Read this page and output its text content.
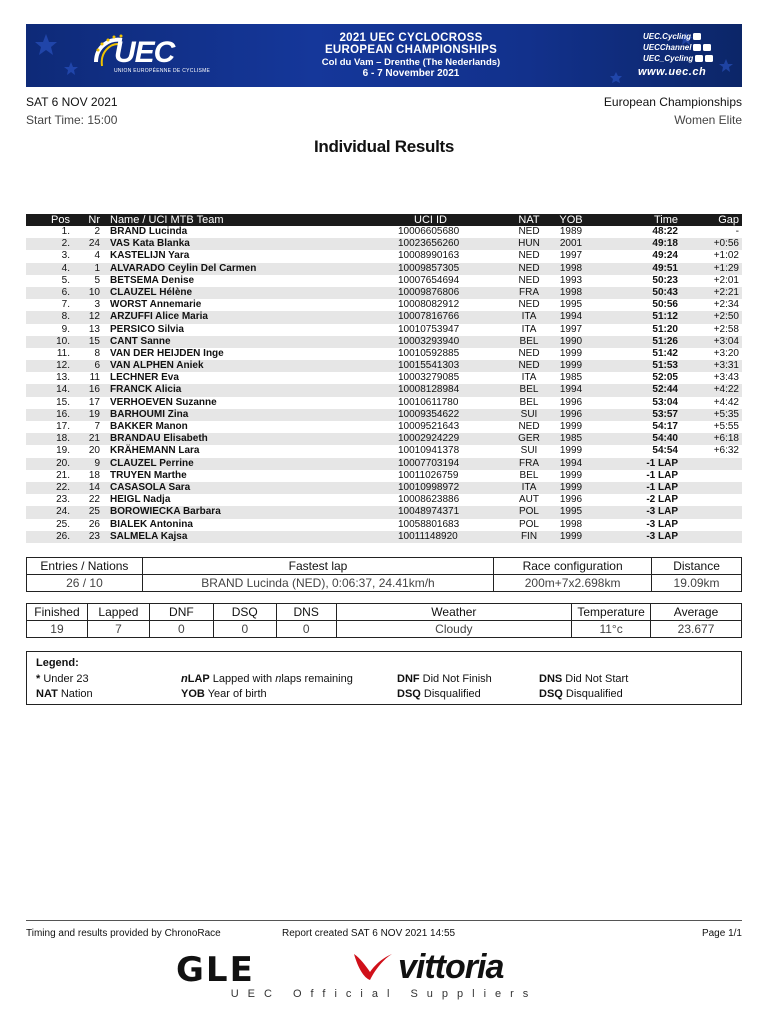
UEC
UNION EUROPÉENNE DE CYCLISME
2021 UEC CYCLOCROSS
EUROPEAN CHAMPIONSHIPS
Col du Vam – Drenthe (The Nederlands)
6 - 7 November 2021
UEC.Cycling
UECChannel
UEC_Cycling
www.uec.ch
SAT 6 NOV 2021
Start Time: 15:00
European Championships
Women Elite
Individual Results
Pos	Nr Name / UCI MTB Team	UCI ID	NAT	YOB	Time	Gap
1.	2 BRAND Lucinda	10006605680	NED	1989	48:22	-
2.	24 VAS Kata Blanka	10023656260	HUN	2001	49:18	+0:56
3.	4 KASTELIJN Yara	10008990163	NED	1997	49:24	+1:02
4.	1 ALVARADO Ceylin Del Carmen	10009857305	NED	1998	49:51	+1:29
5.	5 BETSEMA Denise	10007654694	NED	1993	50:23	+2:01
6.	10 CLAUZEL Hélène	10009876806	FRA	1998	50:43	+2:21
7.	3 WORST Annemarie	10008082912	NED	1995	50:56	+2:34
8.	12 ARZUFFI Alice Maria	10007816766	ITA	1994	51:12	+2:50
9.	13 PERSICO Silvia	10010753947	ITA	1997	51:20	+2:58
10.	15 CANT Sanne	10003293940	BEL	1990	51:26	+3:04
11.	8 VAN DER HEIJDEN Inge	10010592885	NED	1999	51:42	+3:20
12.	6 VAN ALPHEN Aniek	10015541303	NED	1999	51:53	+3:31
13.	11 LECHNER Eva	10003279085	ITA	1985	52:05	+3:43
14.	16 FRANCK Alicia	10008128984	BEL	1994	52:44	+4:22
15.	17 VERHOEVEN Suzanne	10010611780	BEL	1996	53:04	+4:42
16.	19 BARHOUMI Zina	10009354622	SUI	1996	53:57	+5:35
17.	7 BAKKER Manon	10009521643	NED	1999	54:17	+5:55
18.	21 BRANDAU Elisabeth	10002924229	GER	1985	54:40	+6:18
19.	20 KRÄHEMANN Lara	10010941378	SUI	1999	54:54	+6:32
20.	9 CLAUZEL Perrine	10007703194	FRA	1994	-1 LAP
21.	18 TRUYEN Marthe	10011026759	BEL	1999	-1 LAP
22.	14 CASASOLA Sara	10010998972	ITA	1999	-1 LAP
23.	22 HEIGL Nadja	10008623886	AUT	1996	-2 LAP
24.	25 BOROWIECKA Barbara	10048974371	POL	1995	-3 LAP
25.	26 BIALEK Antonina	10058801683	POL	1998	-3 LAP
26.	23 SALMELA Kajsa	10011148920	FIN	1999	-3 LAP
Entries / Nations	Fastest lap	Race configuration	Distance
26 / 10	BRAND Lucinda (NED), 0:06:37, 24.41km/h	200m+7x2.698km	19.09km
Finished	Lapped	DNF	DSQ	DNS	Weather	Temperature	Average
19	7	0	0	0	Cloudy	11°c	23.677
Legend:
* Under 23
NAT Nation
nLAP Lapped with nlaps remaining
YOB Year of birth
DNF Did Not Finish
DSQ Disqualified
DNS Did Not Start
DSQ Disqualified
Timing and results provided by ChronoRace	Report created SAT 6 NOV 2021 14:55	Page 1/1
GLE	vittoria
UEC Official Suppliers
